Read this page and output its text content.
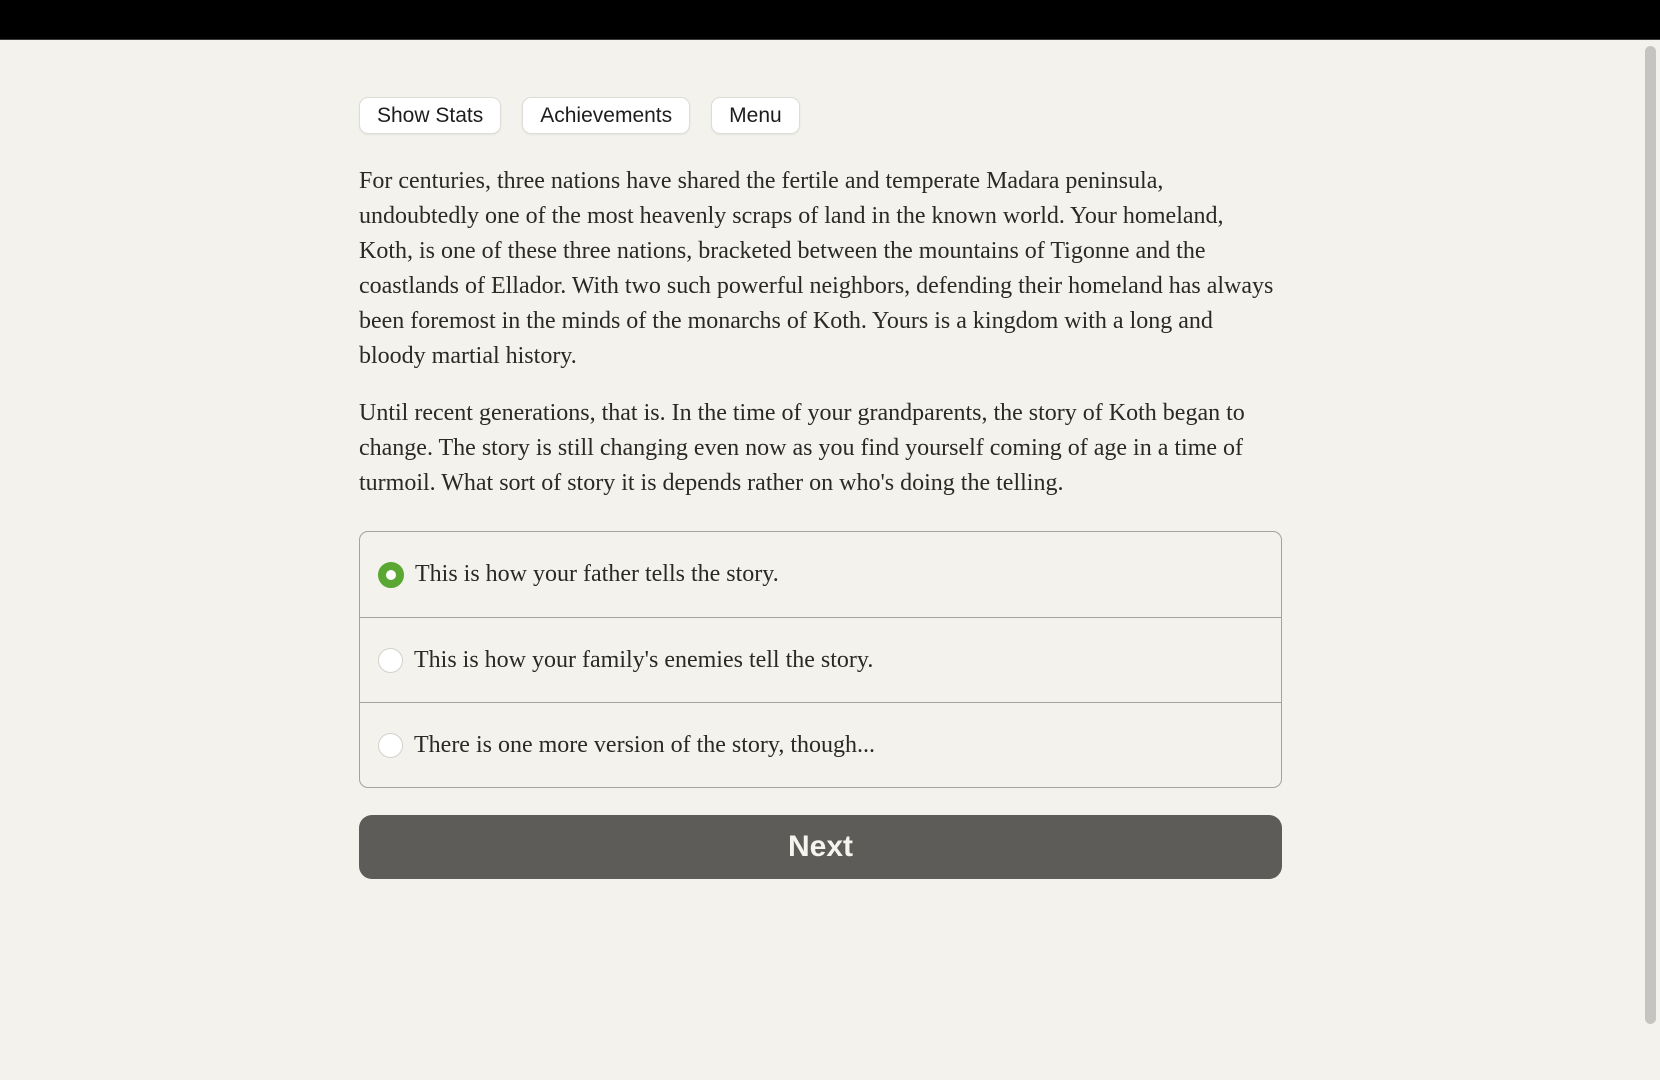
Show Stats	Achievements	Menu

For centuries, three nations have shared the fertile and temperate Madara peninsula, undoubtedly one of the most heavenly scraps of land in the known world. Your homeland, Koth, is one of these three nations, bracketed between the mountains of Tigonne and the coastlands of Ellador. With two such powerful neighbors, defending their homeland has always been foremost in the minds of the monarchs of Koth. Yours is a kingdom with a long and bloody martial history.

Until recent generations, that is. In the time of your grandparents, the story of Koth began to change. The story is still changing even now as you find yourself coming of age in a time of turmoil. What sort of story it is depends rather on who's doing the telling.

This is how your father tells the story.
This is how your family's enemies tell the story.
There is one more version of the story, though...
Next
